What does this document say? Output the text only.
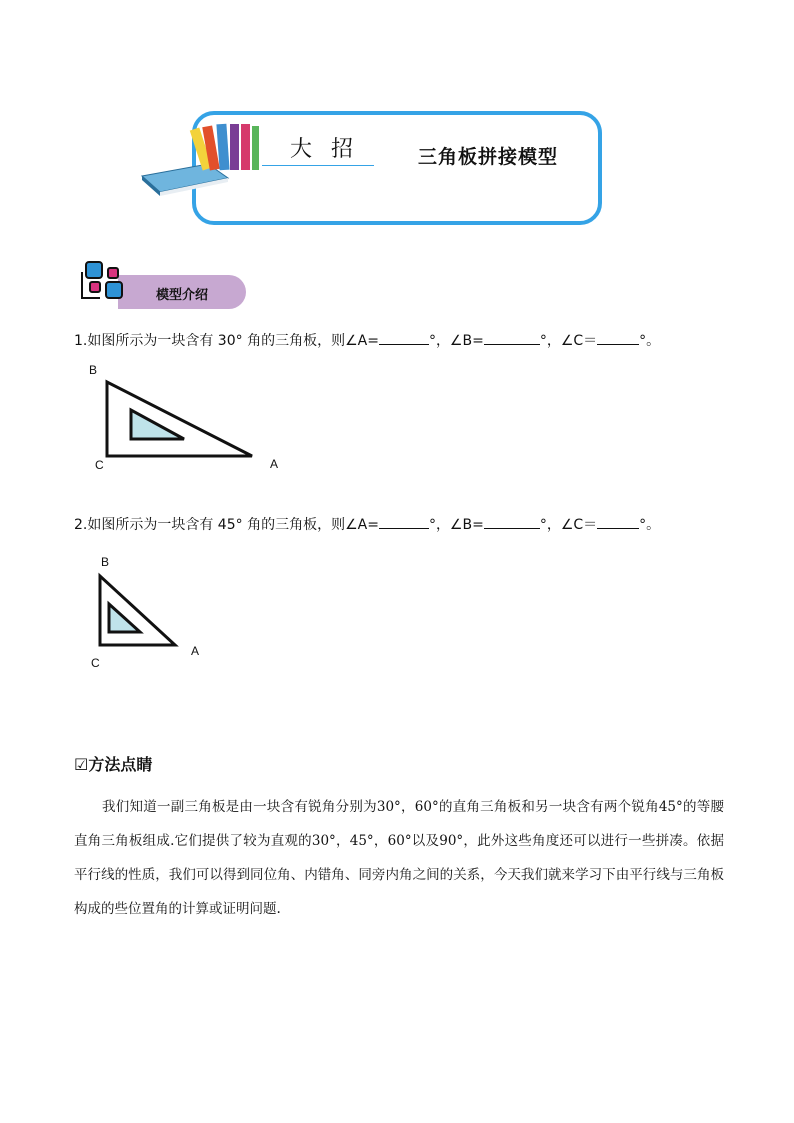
大 招	三角板拼接模型
模型介绍
1.如图所示为一块含有 30° 角的三角板，则∠A=	°，∠B=	°，∠C＝	°。
B
C	A
2.如图所示为一块含有 45° 角的三角板，则∠A=	°，∠B=	°，∠C＝	°。
B
C
A
☑方法点睛
我们知道一副三角板是由一块含有锐角分别为30°，60°的直角三角板和另一块含有两个锐角45°的等腰直角三角板组成.它们提供了较为直观的30°，45°，60°以及90°，此外这些角度还可以进行一些拼凑。依据平行线的性质，我们可以得到同位角、内错角、同旁内角之间的关系，今天我们就来学习下由平行线与三角板构成的些位置角的计算或证明问题.
